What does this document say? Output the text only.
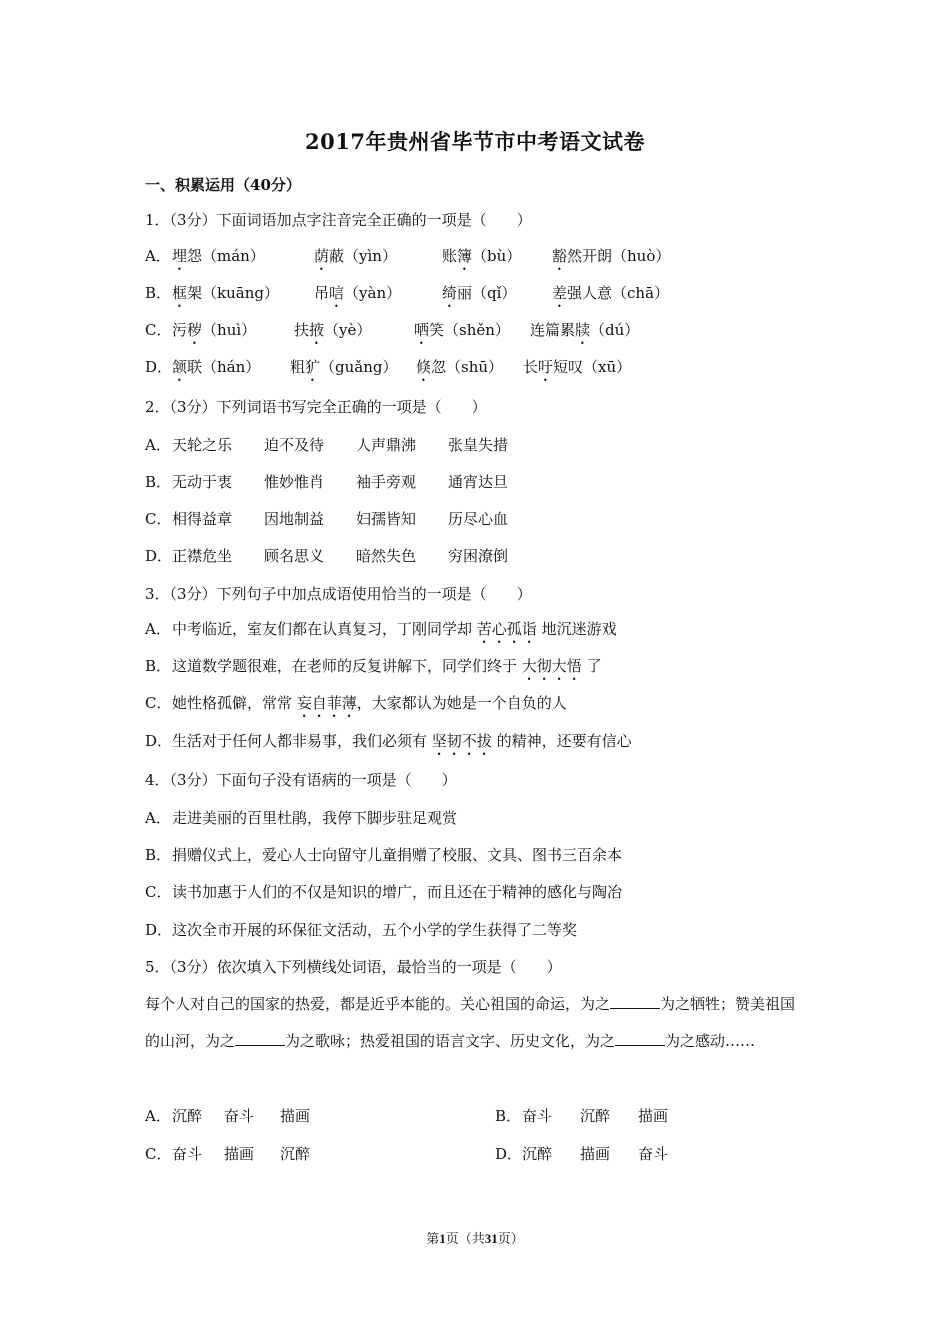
2017年贵州省毕节市中考语文试卷
一、积累运用（40分）
1．（3分）下面词语加点字注音完全正确的一项是（　　）
A．埋怨（mán）	荫蔽（yìn）	账簿（bù） 豁然开朗（huò）
B．框架（kuāng） 吊唁（yàn）	绮丽（qǐ） 差强人意（chā）
C．污秽（huì）	扶掖（yè）	哂笑（shěn） 连篇累牍（dú）
D．颔联（hán） 粗犷（guǎng） 倏忽（shū） 长吁短叹（xū）
2．（3分）下列词语书写完全正确的一项是（　　）
A．天轮之乐 迫不及待 人声鼎沸 张皇失措
B．无动于衷 惟妙惟肖 袖手旁观 通宵达旦
C．相得益章 因地制益 妇孺皆知 历尽心血
D．正襟危坐 顾名思义 暗然失色 穷困潦倒
3．（3分）下列句子中加点成语使用恰当的一项是（　　）
A．中考临近，室友们都在认真复习，丁刚同学却 苦心孤诣 地沉迷游戏
B．这道数学题很难，在老师的反复讲解下，同学们终于 大彻大悟 了
C．她性格孤僻，常常 妄自菲薄，大家都认为她是一个自负的人
D．生活对于任何人都非易事，我们必须有 坚韧不拔 的精神，还要有信心
4．（3分）下面句子没有语病的一项是（　　）
A．走进美丽的百里杜鹃，我停下脚步驻足观赏
B．捐赠仪式上，爱心人士向留守儿童捐赠了校服、文具、图书三百余本
C．读书加惠于人们的不仅是知识的增广，而且还在于精神的感化与陶冶
D．这次全市开展的环保征文活动，五个小学的学生获得了二等奖
5．（3分）依次填入下列横线处词语，最恰当的一项是（　　）
每个人对自己的国家的热爱，都是近乎本能的。关心祖国的命运，为之	为之牺牲；赞美祖国的山河，为之	为之歌咏；热爱祖国的语言文字、历史文化，为之	为之感动……
A．沉醉 奋斗 描画	B．奋斗 沉醉 描画
C．奋斗 描画 沉醉	D．沉醉 描画 奋斗
第1页（共31页）
